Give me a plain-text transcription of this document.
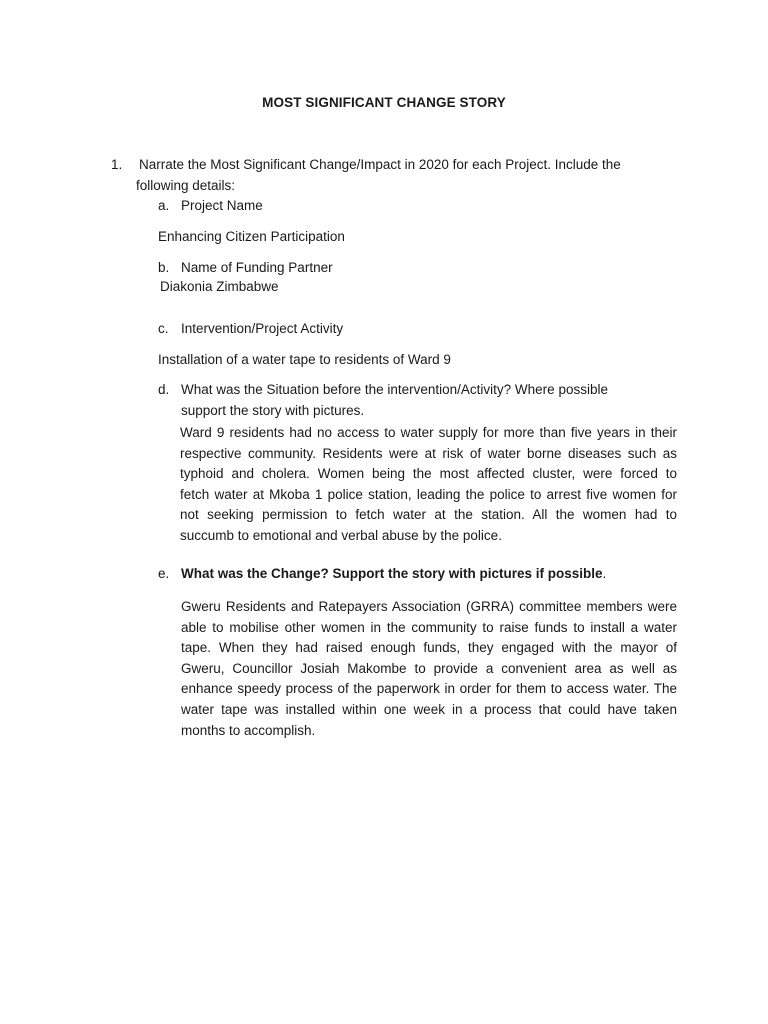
MOST SIGNIFICANT CHANGE STORY

1. Narrate the Most Significant Change/Impact in 2020 for each Project. Include the
following details:
a. Project Name
Enhancing Citizen Participation
b. Name of Funding Partner
Diakonia Zimbabwe
c. Intervention/Project Activity
Installation of a water tape to residents of Ward 9
d. What was the Situation before the intervention/Activity? Where possible
support the story with pictures.
Ward 9 residents had no access to water supply for more than five years in their
respective community. Residents were at risk of water borne diseases such as
typhoid and cholera. Women being the most affected cluster, were forced to
fetch water at Mkoba 1 police station, leading the police to arrest five women for
not seeking permission to fetch water at the station. All the women had to
succumb to emotional and verbal abuse by the police.
e. What was the Change? Support the story with pictures if possible.
Gweru Residents and Ratepayers Association (GRRA) committee members were
able to mobilise other women in the community to raise funds to install a water
tape. When they had raised enough funds, they engaged with the mayor of
Gweru, Councillor Josiah Makombe to provide a convenient area as well as
enhance speedy process of the paperwork in order for them to access water. The
water tape was installed within one week in a process that could have taken
months to accomplish.
